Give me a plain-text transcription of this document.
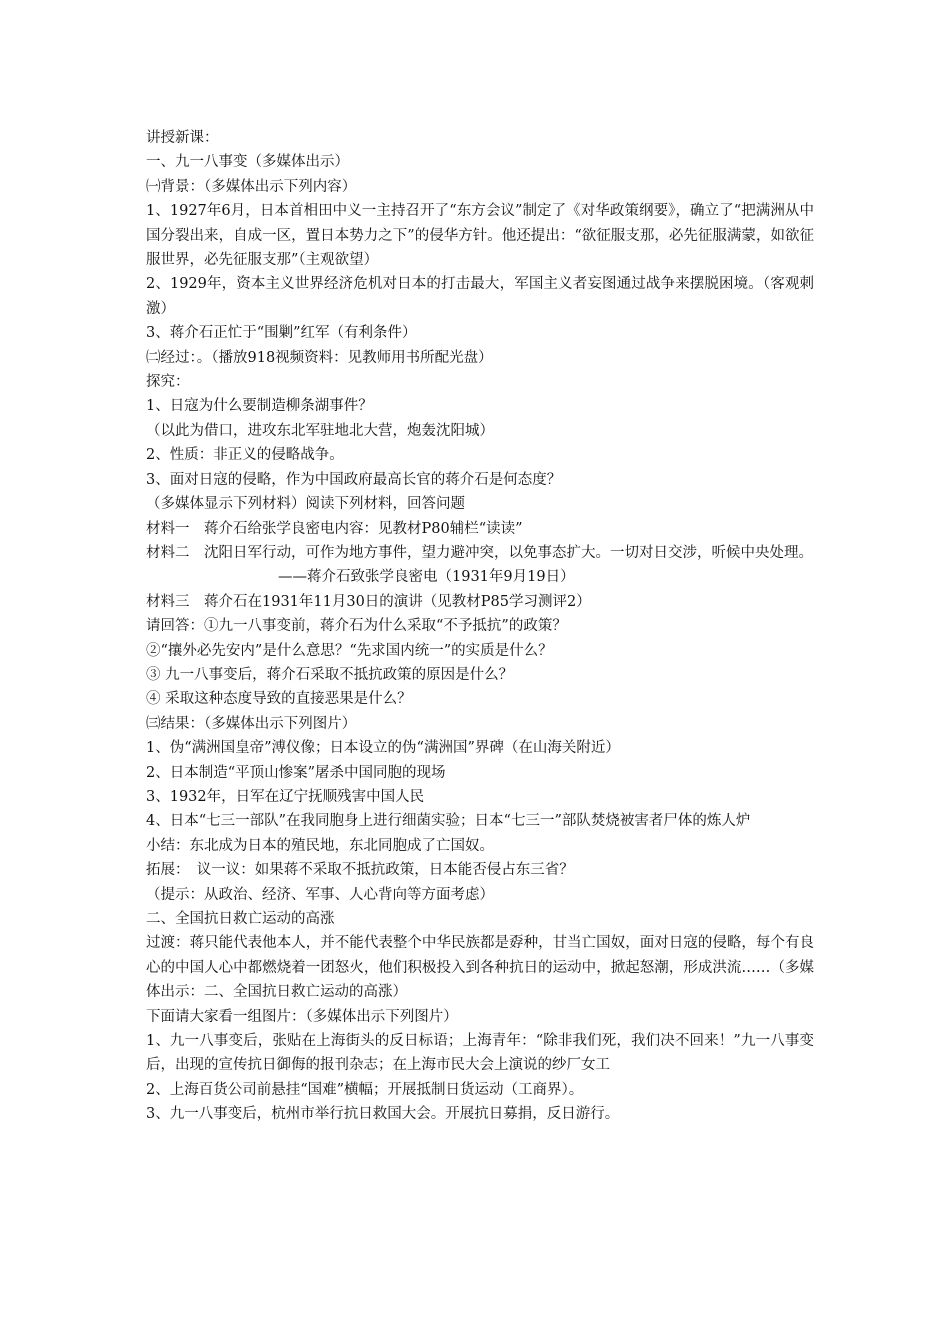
讲授新课：
一、九一八事变（多媒体出示）
㈠背景：（多媒体出示下列内容）
1、1927年6月，日本首相田中义一主持召开了“东方会议”制定了《对华政策纲要》，确立了“把满洲从中国分裂出来，自成一区，置日本势力之下”的侵华方针。他还提出：“欲征服支那，必先征服满蒙，如欲征服世界，必先征服支那”（主观欲望）
2、1929年，资本主义世界经济危机对日本的打击最大，军国主义者妄图通过战争来摆脱困境。（客观刺激）
3、蒋介石正忙于“围剿”红军（有利条件）
㈡经过：。（播放918视频资料：见教师用书所配光盘）
探究：
1、日寇为什么要制造柳条湖事件？
（以此为借口，进攻东北军驻地北大营，炮轰沈阳城）
2、性质：非正义的侵略战争。
3、面对日寇的侵略，作为中国政府最高长官的蒋介石是何态度？
（多媒体显示下列材料）阅读下列材料，回答问题
材料一　蒋介石给张学良密电内容：见教材P80辅栏“读读”
材料二　沈阳日军行动，可作为地方事件，望力避冲突，以免事态扩大。一切对日交涉，听候中央处理。
——蒋介石致张学良密电（1931年9月19日）
材料三　蒋介石在1931年11月30日的演讲（见教材P85学习测评2）
请回答：①九一八事变前，蒋介石为什么采取“不予抵抗”的政策？
②“攘外必先安内”是什么意思？“先求国内统一”的实质是什么？
③ 九一八事变后，蒋介石采取不抵抗政策的原因是什么？
④ 采取这种态度导致的直接恶果是什么？
㈢结果：（多媒体出示下列图片）
1、伪“满洲国皇帝”溥仪像；日本设立的伪“满洲国”界碑（在山海关附近）
2、日本制造“平顶山惨案”屠杀中国同胞的现场
3、1932年，日军在辽宁抚顺残害中国人民
4、日本“七三一部队”在我同胞身上进行细菌实验；日本“七三一”部队焚烧被害者尸体的炼人炉
小结：东北成为日本的殖民地，东北同胞成了亡国奴。
拓展：　议一议：如果蒋不采取不抵抗政策，日本能否侵占东三省？
（提示：从政治、经济、军事、人心背向等方面考虑）
二、全国抗日救亡运动的高涨
过渡：蒋只能代表他本人，并不能代表整个中华民族都是孬种，甘当亡国奴，面对日寇的侵略，每个有良心的中国人心中都燃烧着一团怒火，他们积极投入到各种抗日的运动中，掀起怒潮，形成洪流……（多媒体出示：二、全国抗日救亡运动的高涨）
下面请大家看一组图片：（多媒体出示下列图片）
1、九一八事变后，张贴在上海街头的反日标语；上海青年：“除非我们死，我们决不回来！”九一八事变后，出现的宣传抗日御侮的报刊杂志；在上海市民大会上演说的纱厂女工
2、上海百货公司前悬挂“国难”横幅；开展抵制日货运动（工商界）。
3、九一八事变后，杭州市举行抗日救国大会。开展抗日募捐，反日游行。
